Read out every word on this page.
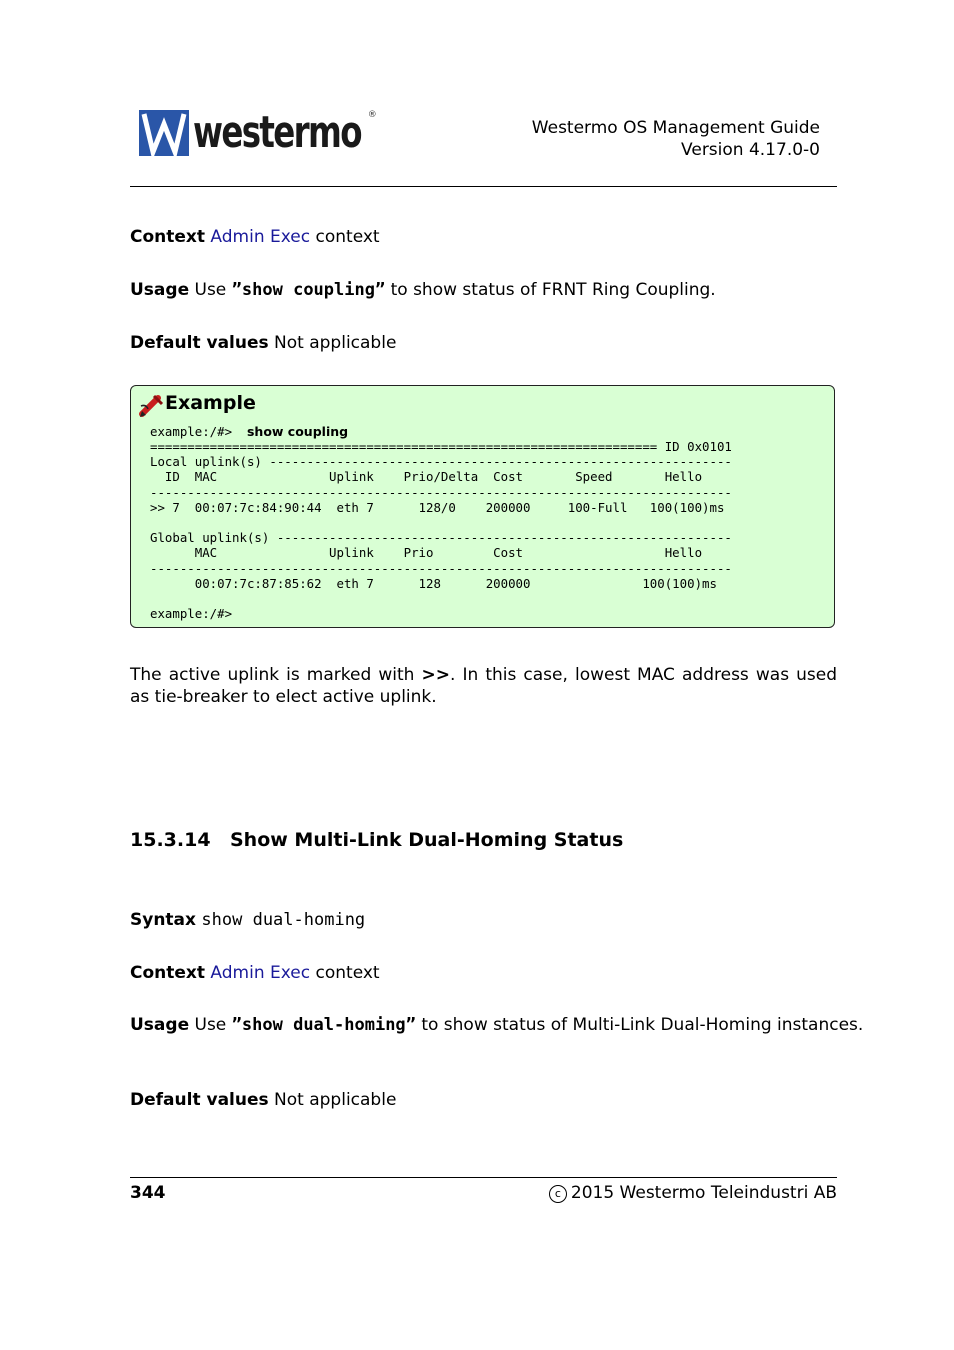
westermo ®
Westermo OS Management Guide
Version 4.17.0-0
Context Admin Exec context
Usage Use ”show coupling” to show status of FRNT Ring Coupling.
Default values Not applicable
Example
example:/#> show coupling
==================================================================== ID 0x0101
Local uplink(s) --------------------------------------------------------------
ID  MAC               Uplink    Prio/Delta  Cost       Speed       Hello
------------------------------------------------------------------------------
>> 7  00:07:7c:84:90:44  eth 7      128/0    200000     100-Full   100(100)ms

Global uplink(s) -------------------------------------------------------------
MAC               Uplink    Prio        Cost                   Hello
------------------------------------------------------------------------------
00:07:7c:87:85:62  eth 7      128      200000               100(100)ms

example:/#>
The active uplink is marked with >>. In this case, lowest MAC address was used as tie-breaker to elect active uplink.
15.3.14 Show Multi-Link Dual-Homing Status
Syntax show dual-homing
Context Admin Exec context
Usage Use ”show dual-homing” to show status of Multi-Link Dual-Homing instances.
Default values Not applicable
344	c 2015 Westermo Teleindustri AB
